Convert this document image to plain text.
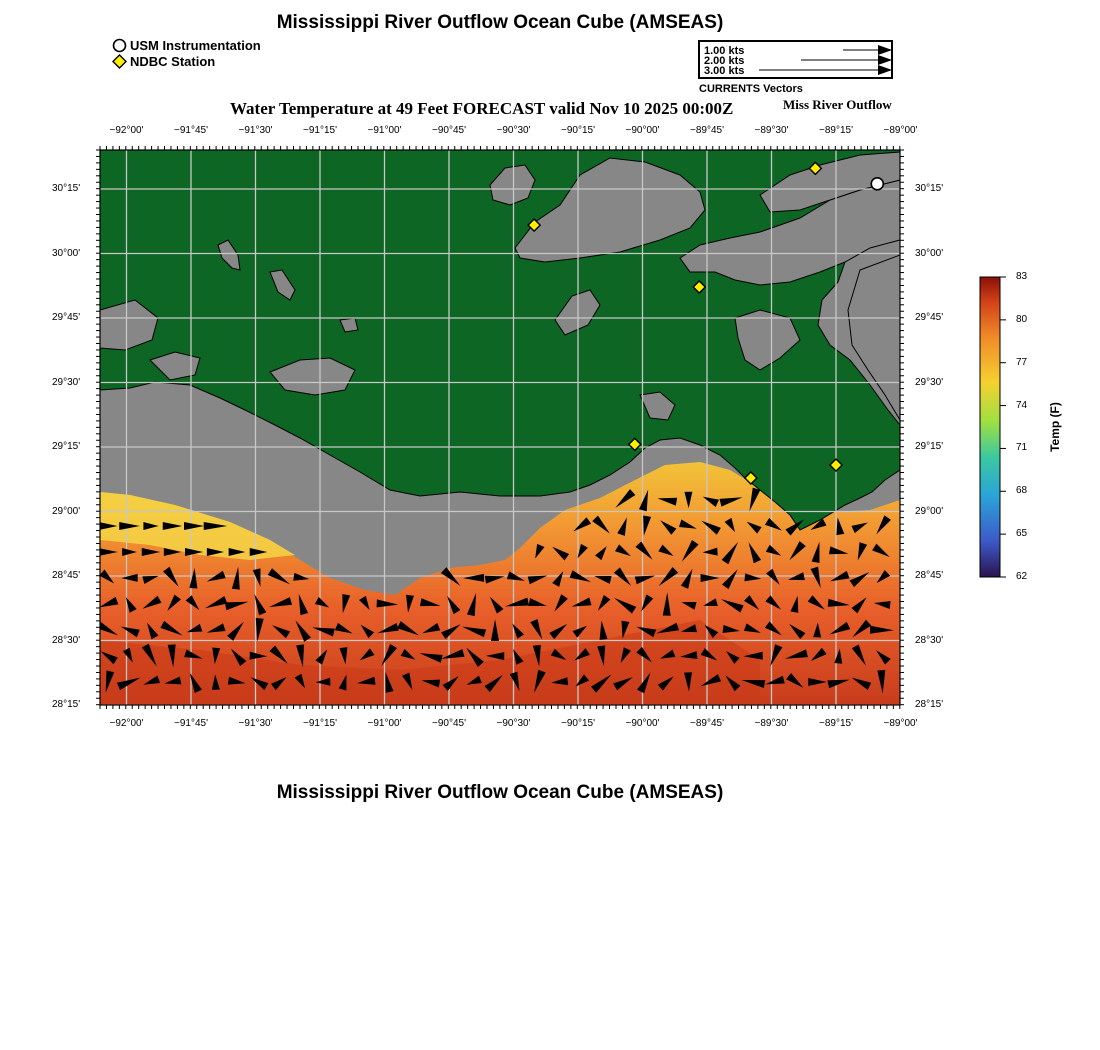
Mississippi River Outflow Ocean Cube (AMSEAS)
Mississippi River Outflow Ocean Cube (AMSEAS)
USM Instrumentation
NDBC Station
1.00 kts
2.00 kts
3.00 kts
CURRENTS Vectors
Water Temperature at 49 Feet FORECAST valid Nov 10 2025 00:00Z	Miss River Outflow
−92°00'	−91°45'	−91°30'	−91°15'	−91°00'	−90°45'	−90°30'	−90°15'	−90°00'	−89°45'	−89°30'	−89°15'	−89°00'
−92°00'	−91°45'	−91°30'	−91°15'	−91°00'	−90°45'	−90°30'	−90°15'	−90°00'	−89°45'	−89°30'	−89°15'	−89°00'
30°15'
30°00'
29°45'
29°30'
29°15'
29°00'
28°45'
28°30'
28°15'
30°15'
30°00'
29°45'
29°30'
29°15'
29°00'
28°45'
28°30'
28°15'
83
80
77
74
71
68
65
62
Temp (F)
